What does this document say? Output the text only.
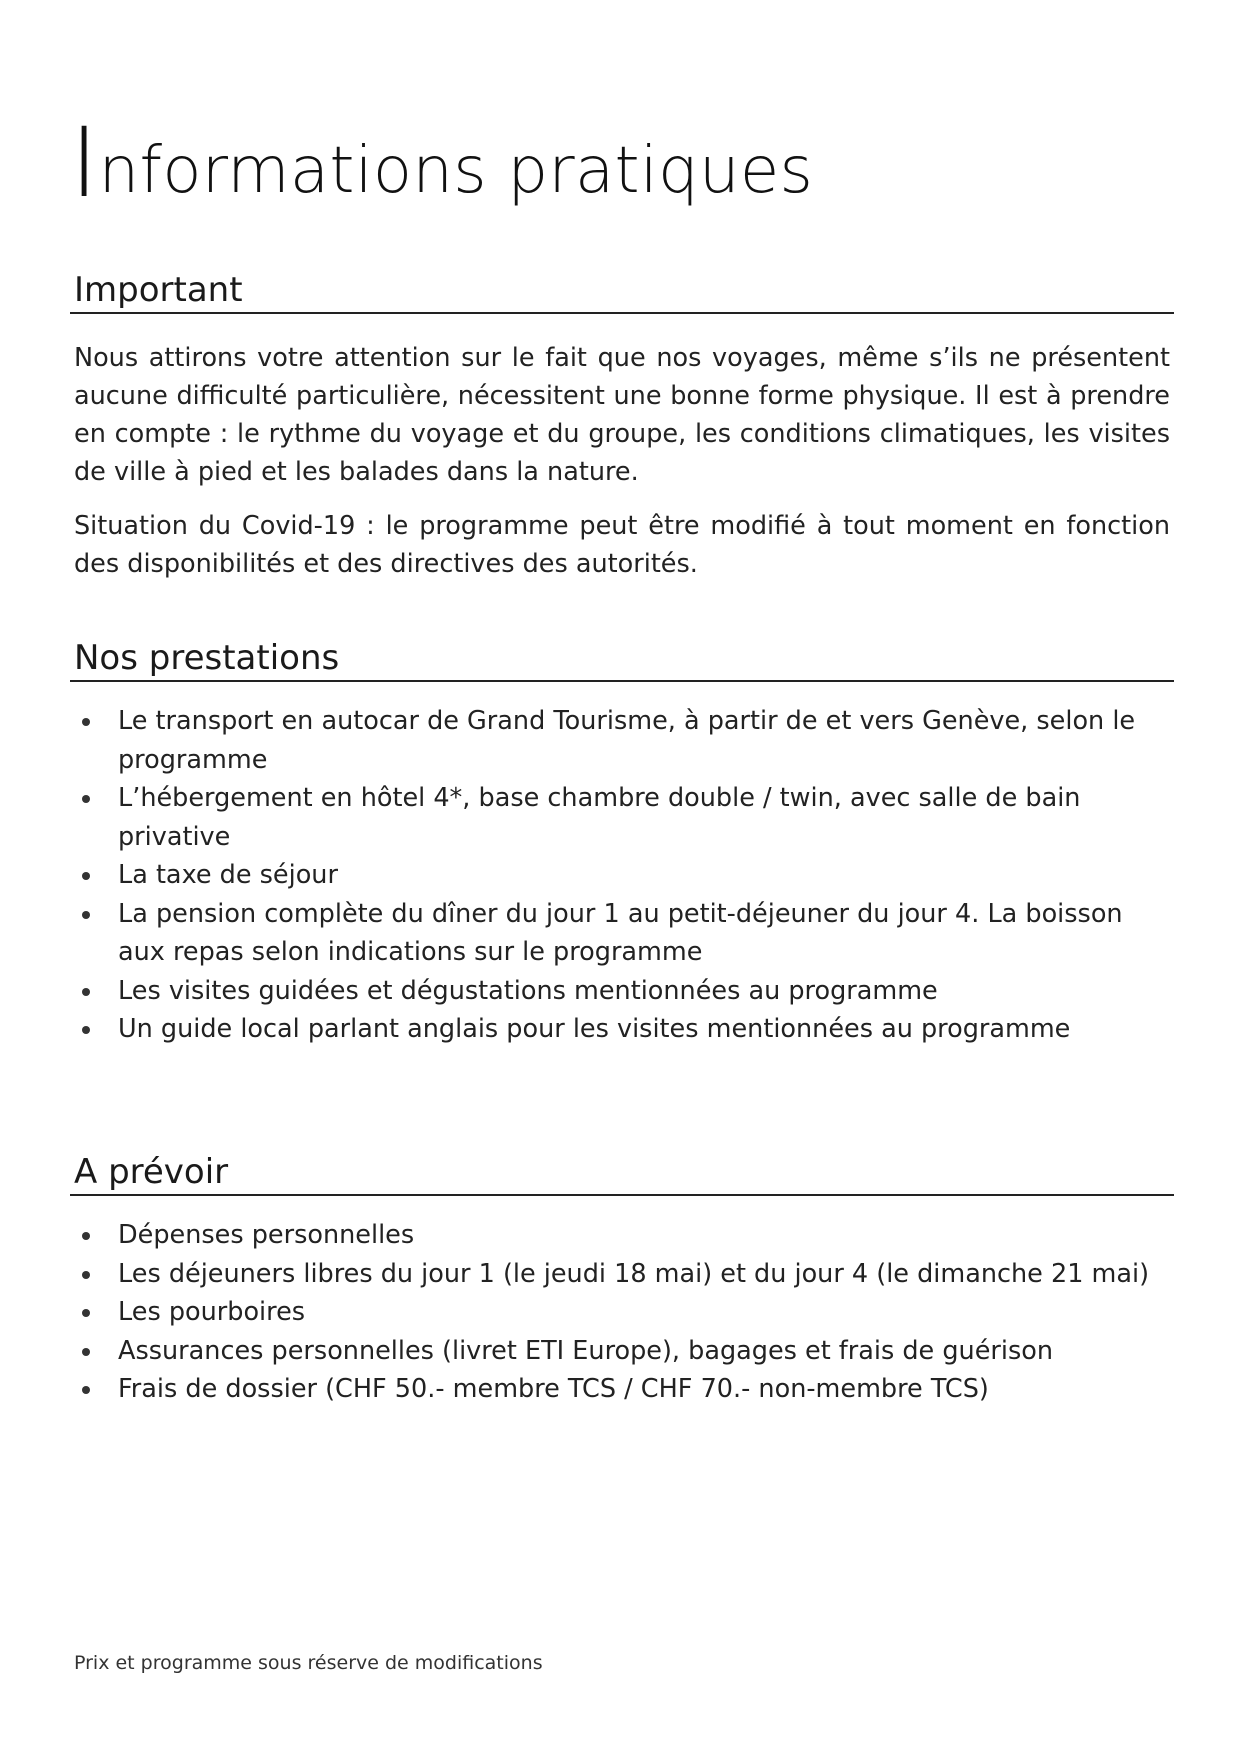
Informations pratiques
Important

Nous attirons votre attention sur le fait que nos voyages, même s’ils ne présentent aucune difficulté particulière, nécessitent une bonne forme physique. Il est à prendre en compte : le rythme du voyage et du groupe, les conditions climatiques, les visites de ville à pied et les balades dans la nature.

Situation du Covid-19 : le programme peut être modifié à tout moment en fonction des disponibilités et des directives des autorités.

Nos prestations
Le transport en autocar de Grand Tourisme, à partir de et vers Genève, selon le programme
L’hébergement en hôtel 4*, base chambre double / twin, avec salle de bain privative
La taxe de séjour
La pension complète du dîner du jour 1 au petit-déjeuner du jour 4. La boisson aux repas selon indications sur le programme
Les visites guidées et dégustations mentionnées au programme
Un guide local parlant anglais pour les visites mentionnées au programme
A prévoir
Dépenses personnelles
Les déjeuners libres du jour 1 (le jeudi 18 mai) et du jour 4 (le dimanche 21 mai)
Les pourboires
Assurances personnelles (livret ETI Europe), bagages et frais de guérison
Frais de dossier (CHF 50.- membre TCS / CHF 70.- non-membre TCS)

Prix et programme sous réserve de modifications
